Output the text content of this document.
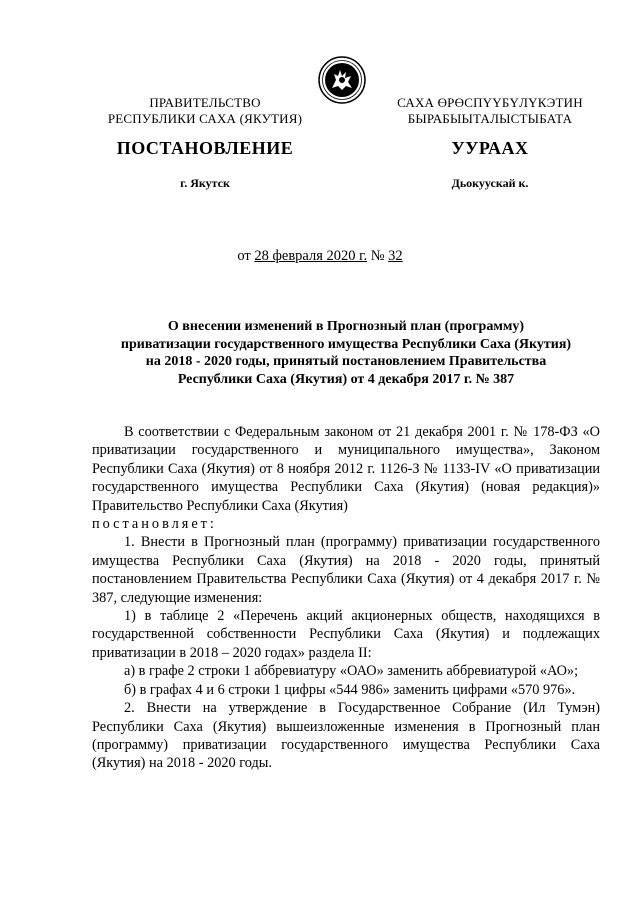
ПРАВИТЕЛЬСТВО
РЕСПУБЛИКИ САХА (ЯКУТИЯ)
САХА ӨРӨСПҮҮБҮЛҮКЭТИН
БЫРАБЫЫТАЛЫСТЫБАТА
ПОСТАНОВЛЕНИЕ	УУРААХ
г. Якутск	Дьокуускай к.
от 28 февраля 2020 г. № 32
О внесении изменений в Прогнозный план (программу)
приватизации государственного имущества Республики Саха (Якутия)
на 2018 - 2020 годы, принятый постановлением Правительства
Республики Саха (Якутия) от 4 декабря 2017 г. № 387

В соответствии с Федеральным законом от 21 декабря 2001 г. № 178-ФЗ «О приватизации государственного и муниципального имущества», Законом Республики Саха (Якутия) от 8 ноября 2012 г. 1126-З № 1133-IV «О приватизации государственного имущества Республики Саха (Якутия) (новая редакция)» Правительство Республики Саха (Якутия)

постановляет:

1. Внести в Прогнозный план (программу) приватизации государственного имущества Республики Саха (Якутия) на 2018 - 2020 годы, принятый постановлением Правительства Республики Саха (Якутия) от 4 декабря 2017 г. № 387, следующие изменения:

1) в таблице 2 «Перечень акций акционерных обществ, находящихся в государственной собственности Республики Саха (Якутия) и подлежащих приватизации в 2018 – 2020 годах» раздела II:

а) в графе 2 строки 1 аббревиатуру «ОАО» заменить аббревиатурой «АО»;

б) в графах 4 и 6 строки 1 цифры «544 986» заменить цифрами «570 976».

2. Внести на утверждение в Государственное Собрание (Ил Тумэн) Республики Саха (Якутия) вышеизложенные изменения в Прогнозный план (программу) приватизации государственного имущества Республики Саха (Якутия) на 2018 - 2020 годы.
